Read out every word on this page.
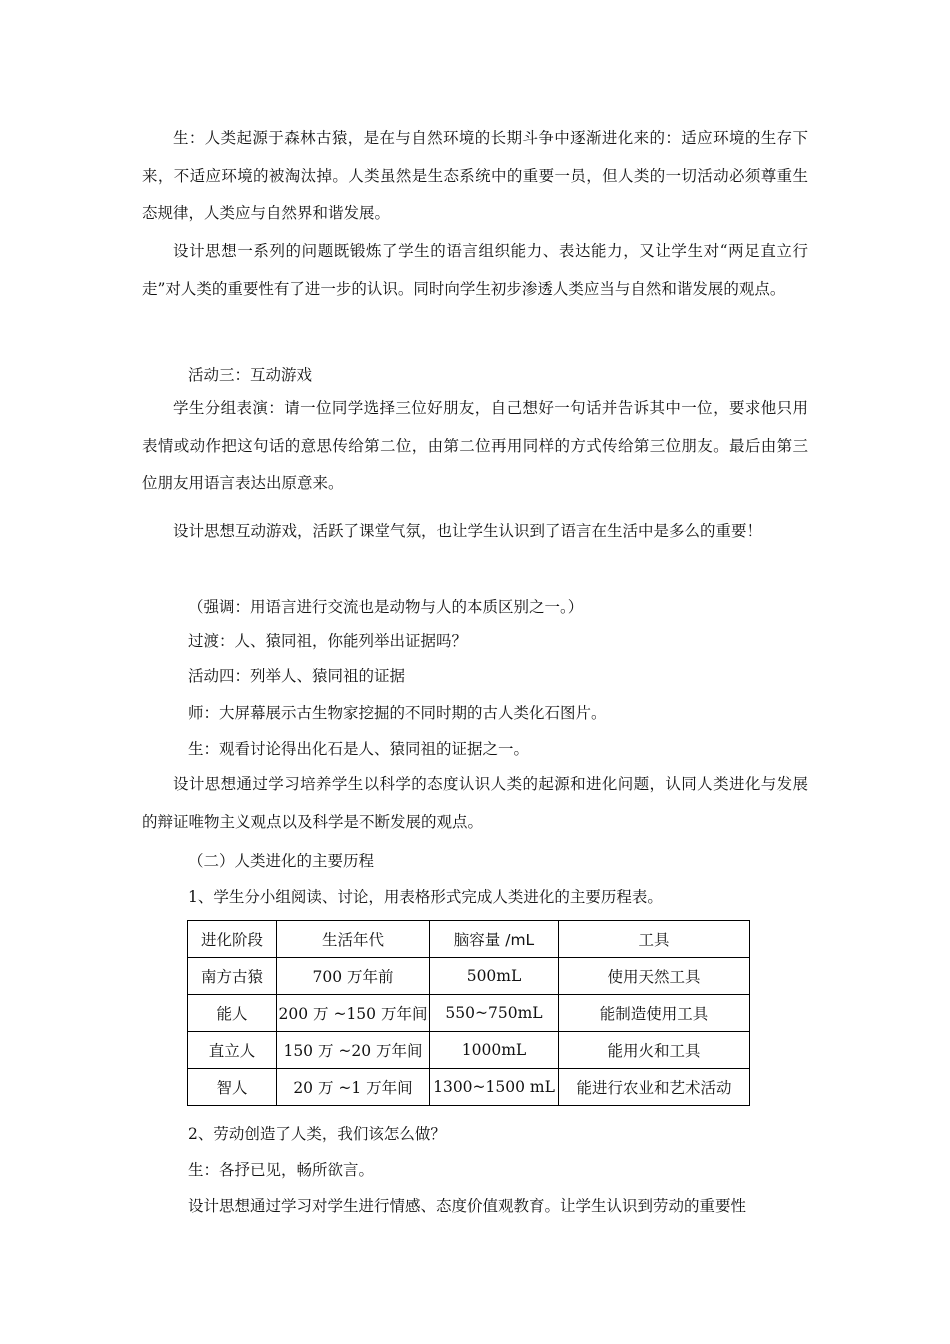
生：人类起源于森林古猿，是在与自然环境的长期斗争中逐渐进化来的：适应环境的生存下来，不适应环境的被淘汰掉。人类虽然是生态系统中的重要一员，但人类的一切活动必须尊重生态规律，人类应与自然界和谐发展。

设计思想一系列的问题既锻炼了学生的语言组织能力、表达能力，又让学生对“两足直立行走”对人类的重要性有了进一步的认识。同时向学生初步渗透人类应当与自然和谐发展的观点。

活动三：互动游戏

学生分组表演：请一位同学选择三位好朋友，自己想好一句话并告诉其中一位，要求他只用表情或动作把这句话的意思传给第二位，由第二位再用同样的方式传给第三位朋友。最后由第三位朋友用语言表达出原意来。

设计思想互动游戏，活跃了课堂气氛，也让学生认识到了语言在生活中是多么的重要！

（强调：用语言进行交流也是动物与人的本质区别之一。）

过渡：人、猿同祖，你能列举出证据吗？

活动四：列举人、猿同祖的证据

师：大屏幕展示古生物家挖掘的不同时期的古人类化石图片。

生：观看讨论得出化石是人、猿同祖的证据之一。

设计思想通过学习培养学生以科学的态度认识人类的起源和进化问题，认同人类进化与发展的辩证唯物主义观点以及科学是不断发展的观点。

（二）人类进化的主要历程

1、学生分小组阅读、讨论，用表格形式完成人类进化的主要历程表。

进化阶段	生活年代	脑容量 /mL	工具
南方古猿	700 万年前	500mL	使用天然工具
能人	200 万 ~150 万年间	550~750mL	能制造使用工具
直立人	150 万 ~20 万年间	1000mL	能用火和工具
智人	20 万 ~1 万年间	1300~1500 mL	能进行农业和艺术活动

2、劳动创造了人类，我们该怎么做？

生：各抒已见，畅所欲言。

设计思想通过学习对学生进行情感、态度价值观教育。让学生认识到劳动的重要性
